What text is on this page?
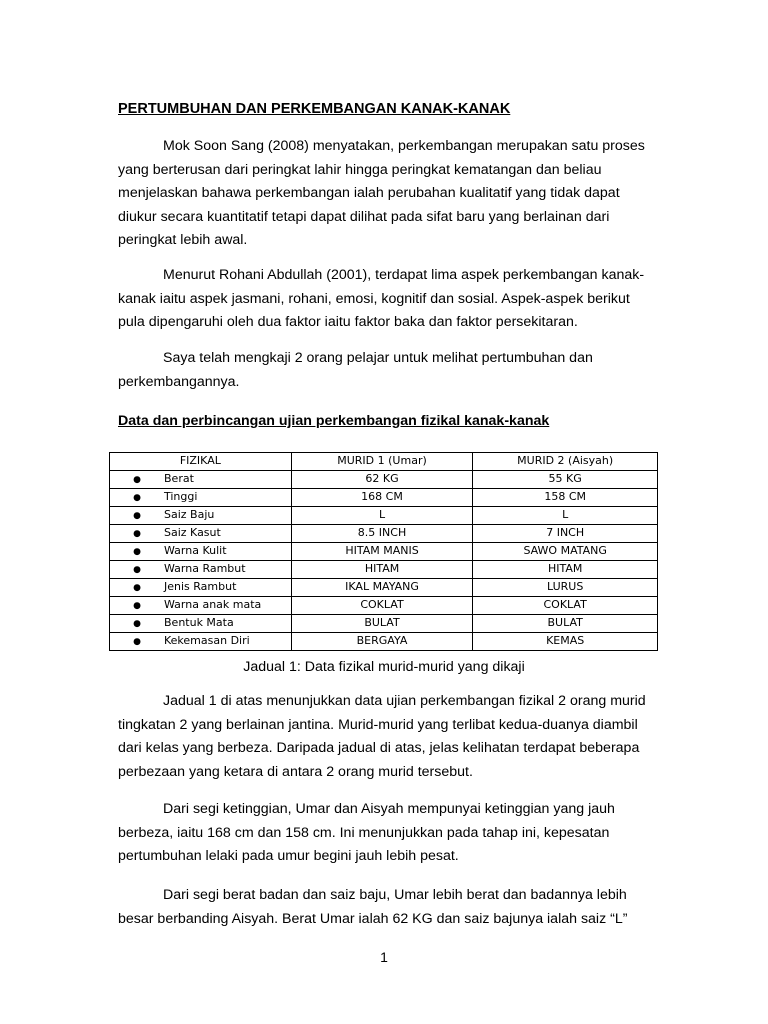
PERTUMBUHAN DAN PERKEMBANGAN KANAK-KANAK

Mok Soon Sang (2008) menyatakan, perkembangan merupakan satu proses
yang berterusan dari peringkat lahir hingga peringkat kematangan dan beliau
menjelaskan bahawa perkembangan ialah perubahan kualitatif yang tidak dapat
diukur secara kuantitatif tetapi dapat dilihat pada sifat baru yang berlainan dari
peringkat lebih awal.

Menurut Rohani Abdullah (2001), terdapat lima aspek perkembangan kanak-
kanak iaitu aspek jasmani, rohani, emosi, kognitif dan sosial. Aspek-aspek berikut
pula dipengaruhi oleh dua faktor iaitu faktor baka dan faktor persekitaran.

Saya telah mengkaji 2 orang pelajar untuk melihat pertumbuhan dan
perkembangannya.

Data dan perbincangan ujian perkembangan fizikal kanak-kanak
FIZIKAL	MURID 1 (Umar)	MURID 2 (Aisyah)
● Berat	62 KG	55 KG
● Tinggi	168 CM	158 CM
● Saiz Baju	L	L
● Saiz Kasut	8.5 INCH	7 INCH
● Warna Kulit	HITAM MANIS	SAWO MATANG
● Warna Rambut	HITAM	HITAM
● Jenis Rambut	IKAL MAYANG	LURUS
● Warna anak mata	COKLAT	COKLAT
● Bentuk Mata	BULAT	BULAT
● Kekemasan Diri	BERGAYA	KEMAS

Jadual 1: Data fizikal murid-murid yang dikaji

Jadual 1 di atas menunjukkan data ujian perkembangan fizikal 2 orang murid
tingkatan 2 yang berlainan jantina. Murid-murid yang terlibat kedua-duanya diambil
dari kelas yang berbeza. Daripada jadual di atas, jelas kelihatan terdapat beberapa
perbezaan yang ketara di antara 2 orang murid tersebut.

Dari segi ketinggian, Umar dan Aisyah mempunyai ketinggian yang jauh
berbeza, iaitu 168 cm dan 158 cm. Ini menunjukkan pada tahap ini, kepesatan
pertumbuhan lelaki pada umur begini jauh lebih pesat.

Dari segi berat badan dan saiz baju, Umar lebih berat dan badannya lebih
besar berbanding Aisyah. Berat Umar ialah 62 KG dan saiz bajunya ialah saiz “L”

1
